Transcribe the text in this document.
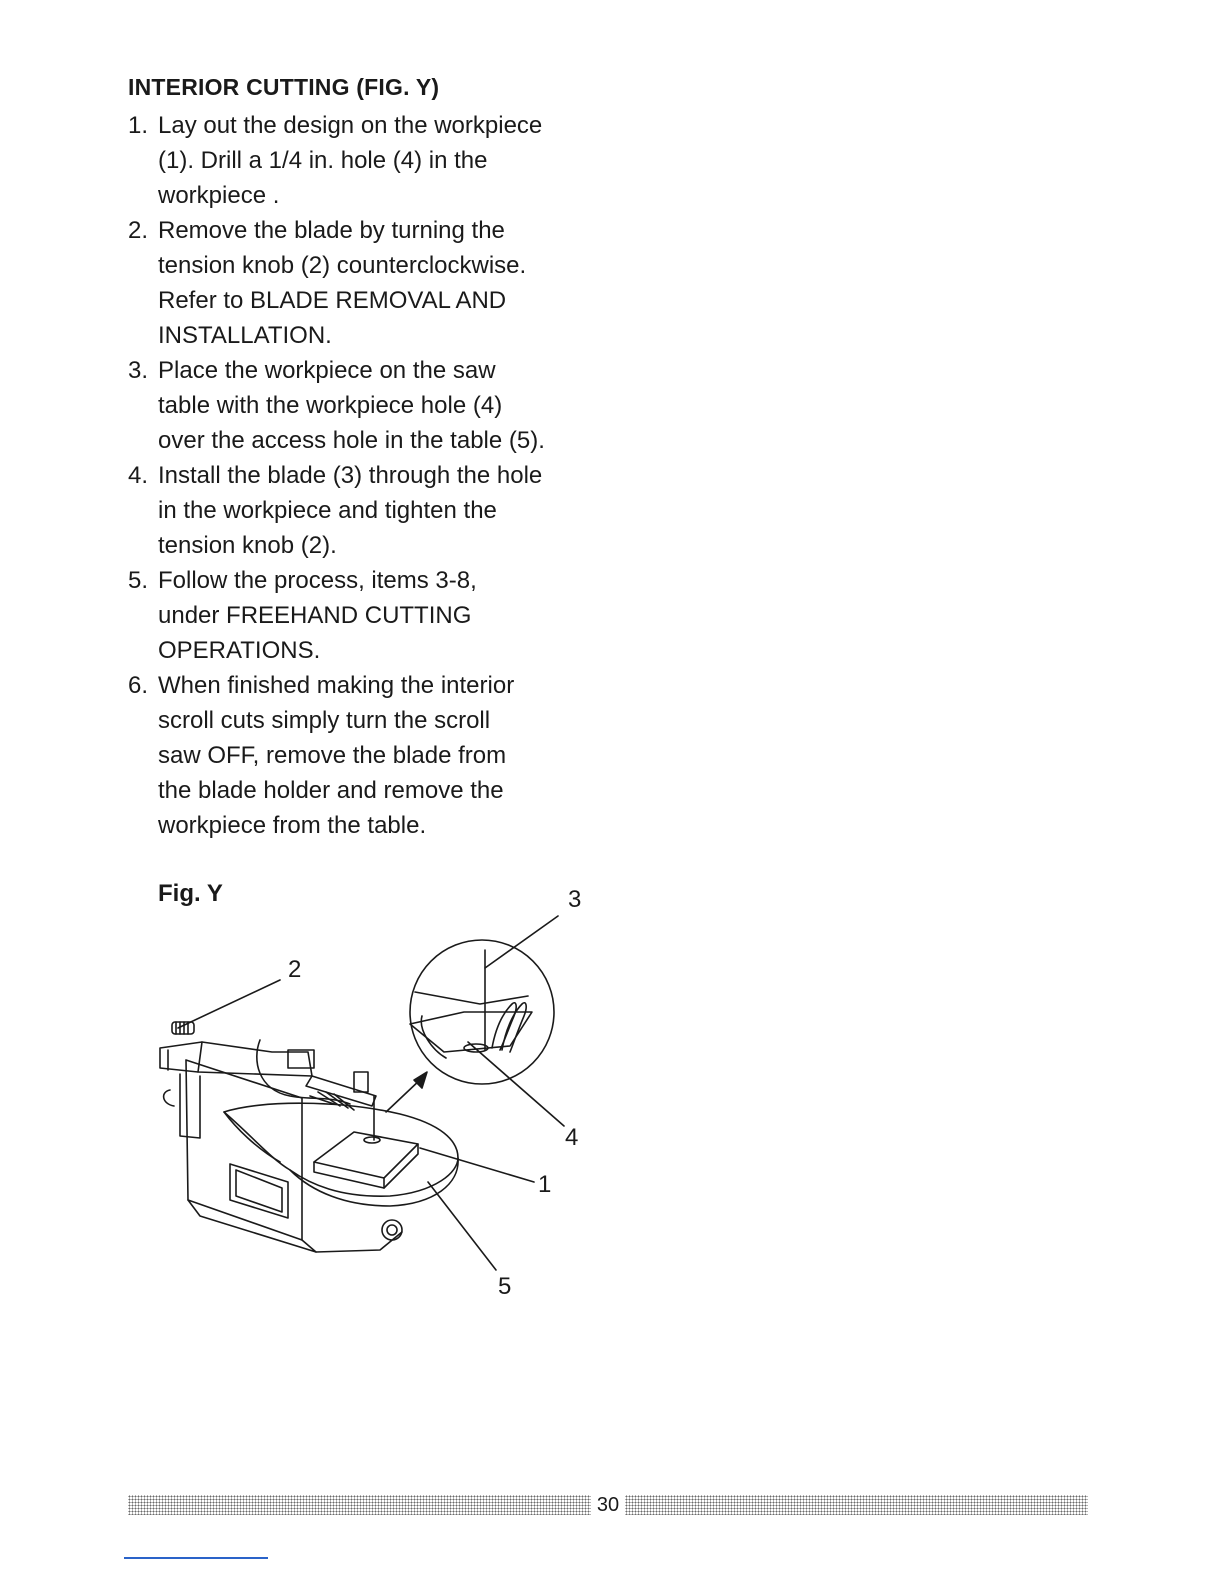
INTERIOR CUTTING (FIG. Y)
1. Lay out the design on the workpiece
(1). Drill a 1/4 in. hole (4) in the
workpiece .
2. Remove the blade by turning the
tension knob (2) counterclockwise.
Refer to BLADE REMOVAL AND
INSTALLATION.
3. Place the workpiece on the saw
table with the workpiece hole (4)
over the access hole in the table (5).
4. Install the blade (3) through the hole
in the workpiece and tighten the
tension knob (2).
5. Follow the process, items 3-8,
under FREEHAND CUTTING
OPERATIONS.
6. When finished making the interior
scroll cuts simply turn the scroll
saw OFF, remove the blade from
the blade holder and remove the
workpiece from the table.
Fig. Y
2
3
4
1
5
30
